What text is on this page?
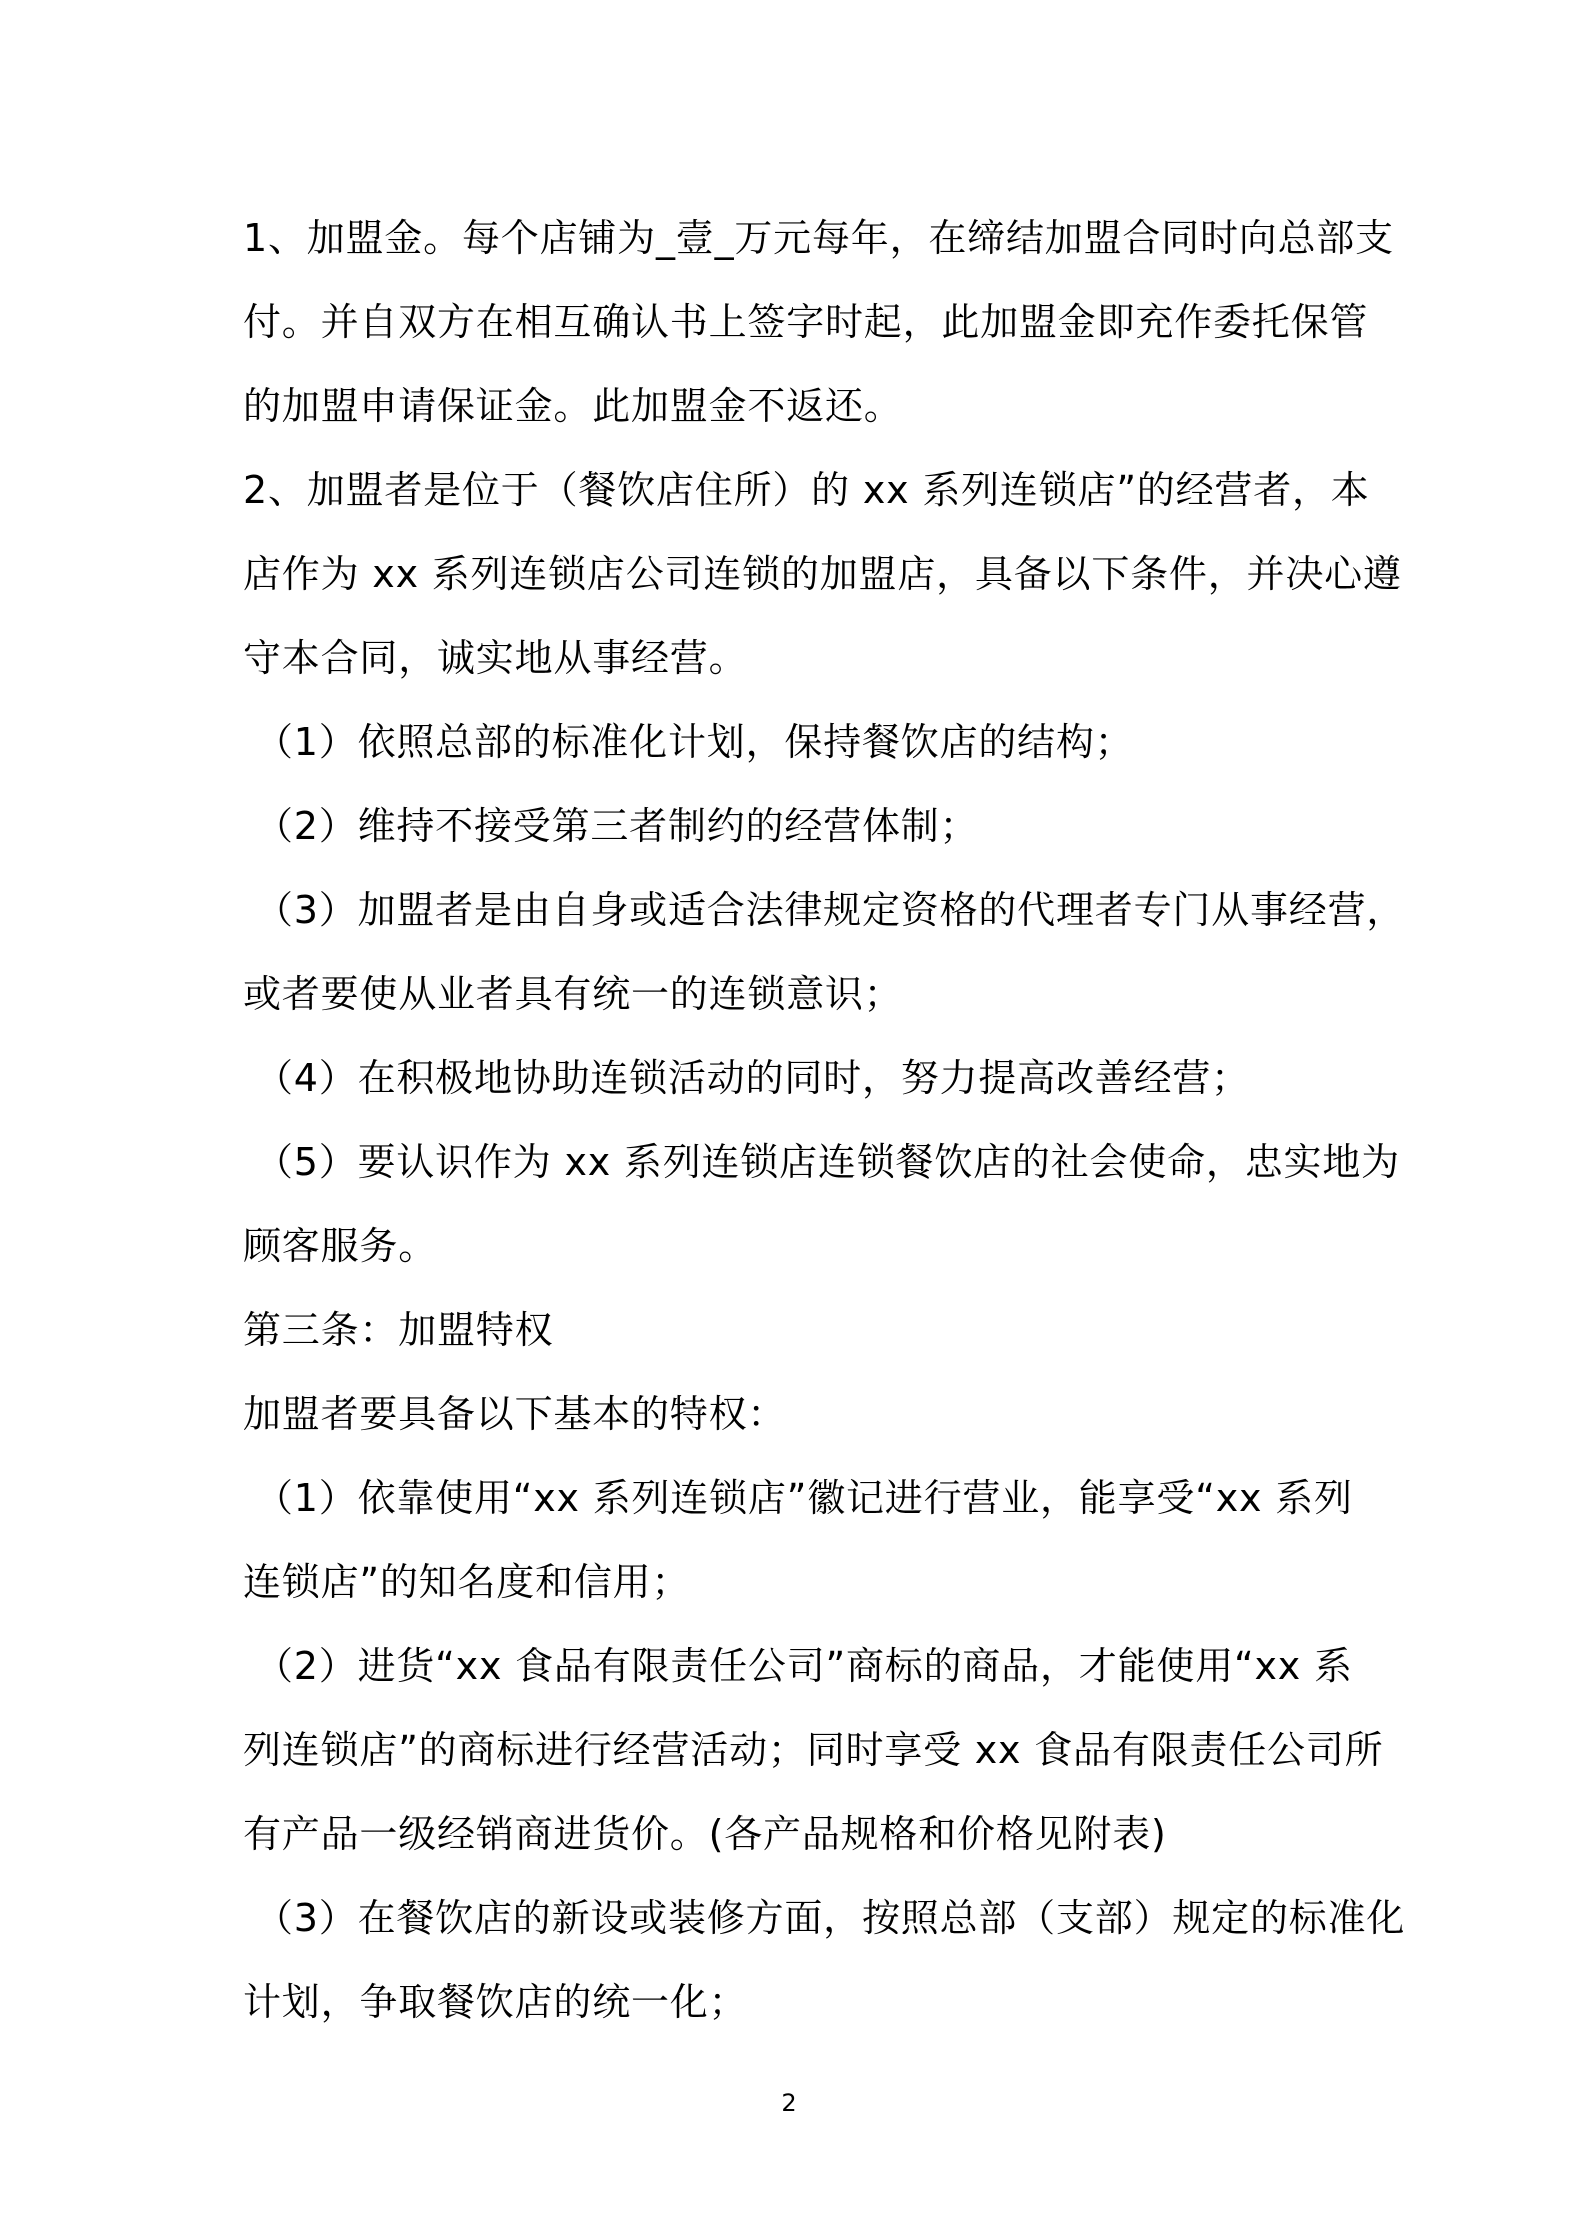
1、加盟金。每个店铺为_壹_万元每年，在缔结加盟合同时向总部支

付。并自双方在相互确认书上签字时起，此加盟金即充作委托保管

的加盟申请保证金。此加盟金不返还。

2、加盟者是位于（餐饮店住所）的 xx 系列连锁店”的经营者，本

店作为 xx 系列连锁店公司连锁的加盟店，具备以下条件，并决心遵

守本合同，诚实地从事经营。

（1）依照总部的标准化计划，保持餐饮店的结构；

（2）维持不接受第三者制约的经营体制；

（3）加盟者是由自身或适合法律规定资格的代理者专门从事经营，

或者要使从业者具有统一的连锁意识；

（4）在积极地协助连锁活动的同时，努力提高改善经营；

（5）要认识作为 xx 系列连锁店连锁餐饮店的社会使命，忠实地为

顾客服务。

第三条：加盟特权

加盟者要具备以下基本的特权：

（1）依靠使用“xx 系列连锁店”徽记进行营业，能享受“xx 系列

连锁店”的知名度和信用；

（2）进货“xx 食品有限责任公司”商标的商品，才能使用“xx 系

列连锁店”的商标进行经营活动；同时享受 xx 食品有限责任公司所

有产品一级经销商进货价。(各产品规格和价格见附表)

（3）在餐饮店的新设或装修方面，按照总部（支部）规定的标准化

计划，争取餐饮店的统一化；

2
